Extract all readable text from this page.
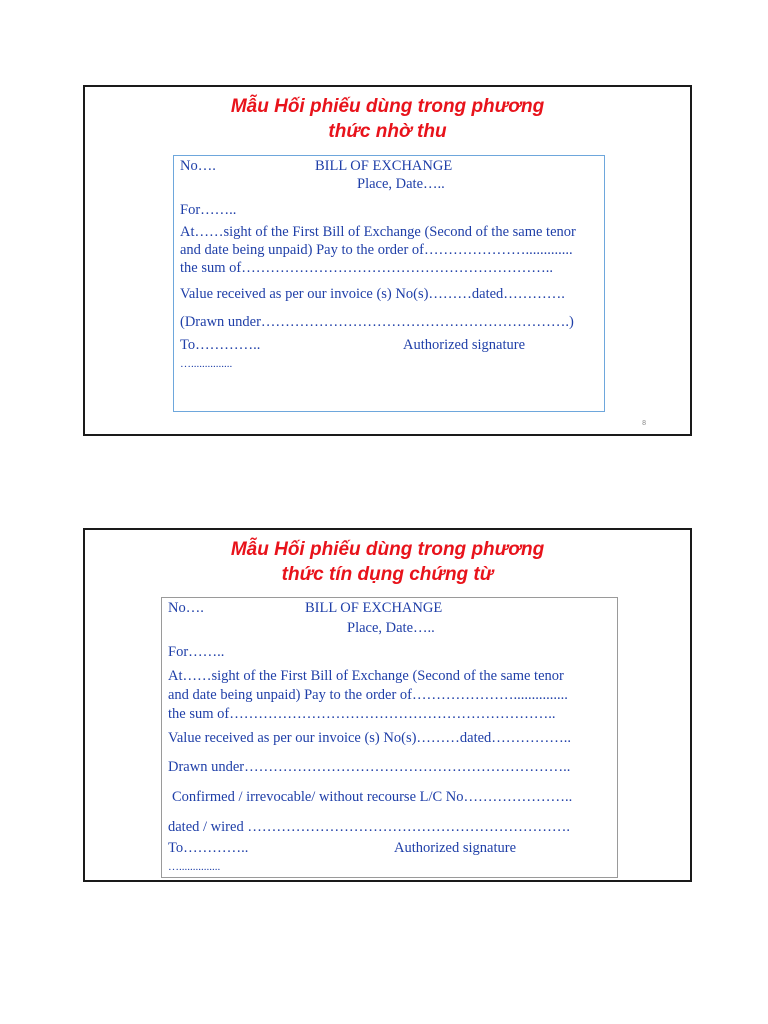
Mẫu Hối phiếu dùng trong phương
thức nhờ thu
No….	BILL OF EXCHANGE
Place, Date…..
For……..
At……sight of the First Bill of Exchange (Second of the same tenor
and date being unpaid) Pay to the order of………………….............
the sum of………………………………………………………..
Value received as per our invoice (s) No(s)………dated………….
(Drawn under……………………………………………………….)
To…………..	Authorized signature
…...............
8
Mẫu Hối phiếu dùng trong phương
thức tín dụng chứng từ
No….	BILL OF EXCHANGE
Place, Date…..
For……..
At……sight of the First Bill of Exchange (Second of the same tenor
and date being unpaid) Pay to the order of…………………...............
the sum of…………………………………………………………..
Value received as per our invoice (s) No(s)………dated……………..
Drawn under…………………………………………………………..
Confirmed / irrevocable/ without recourse L/C No…………………..
dated / wired ………………………………………………………….
To…………..	Authorized signature
…...............
